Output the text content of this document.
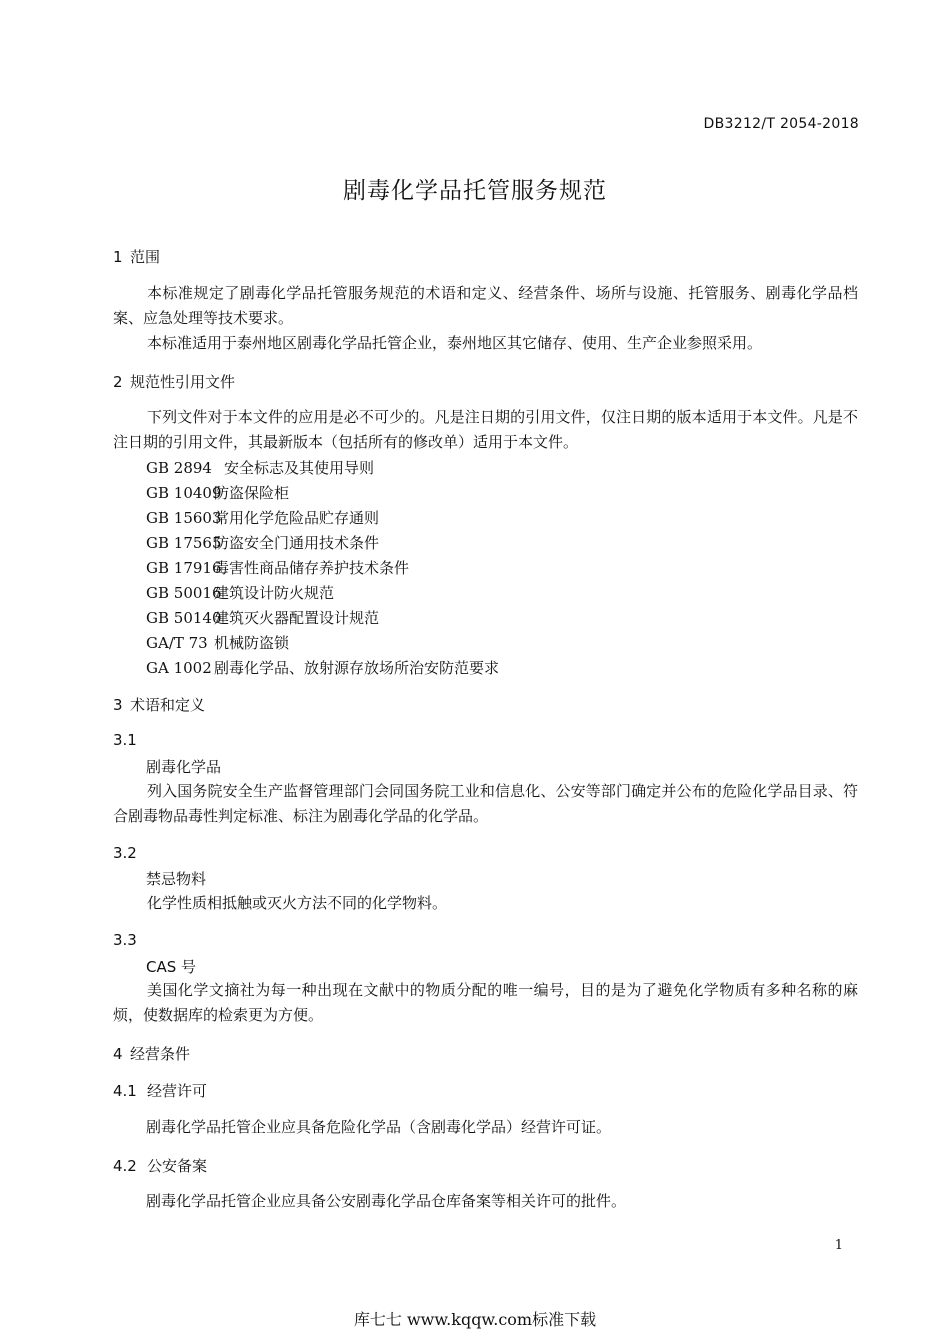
DB3212/T 2054-2018
剧毒化学品托管服务规范
1 范围
本标准规定了剧毒化学品托管服务规范的术语和定义、经营条件、场所与设施、托管服务、剧毒化学品档案、应急处理等技术要求。
本标准适用于泰州地区剧毒化学品托管企业，泰州地区其它储存、使用、生产企业参照采用。
2 规范性引用文件
下列文件对于本文件的应用是必不可少的。凡是注日期的引用文件，仅注日期的版本适用于本文件。凡是不注日期的引用文件，其最新版本（包括所有的修改单）适用于本文件。
GB 2894 安全标志及其使用导则
GB 10409防盗保险柜
GB 15603常用化学危险品贮存通则
GB 17565防盗安全门通用技术条件
GB 17916毒害性商品储存养护技术条件
GB 50016建筑设计防火规范
GB 50140建筑灭火器配置设计规范
GA/T 73 机械防盗锁
GA 1002 剧毒化学品、放射源存放场所治安防范要求
3 术语和定义
3.1
剧毒化学品
列入国务院安全生产监督管理部门会同国务院工业和信息化、公安等部门确定并公布的危险化学品目录、符合剧毒物品毒性判定标准、标注为剧毒化学品的化学品。
3.2
禁忌物料
化学性质相抵触或灭火方法不同的化学物料。
3.3
CAS 号
美国化学文摘社为每一种出现在文献中的物质分配的唯一编号，目的是为了避免化学物质有多种名称的麻烦，使数据库的检索更为方便。
4 经营条件
4.1 经营许可
剧毒化学品托管企业应具备危险化学品（含剧毒化学品）经营许可证。
4.2 公安备案
剧毒化学品托管企业应具备公安剧毒化学品仓库备案等相关许可的批件。
1
库七七 www.kqqw.com标准下载
